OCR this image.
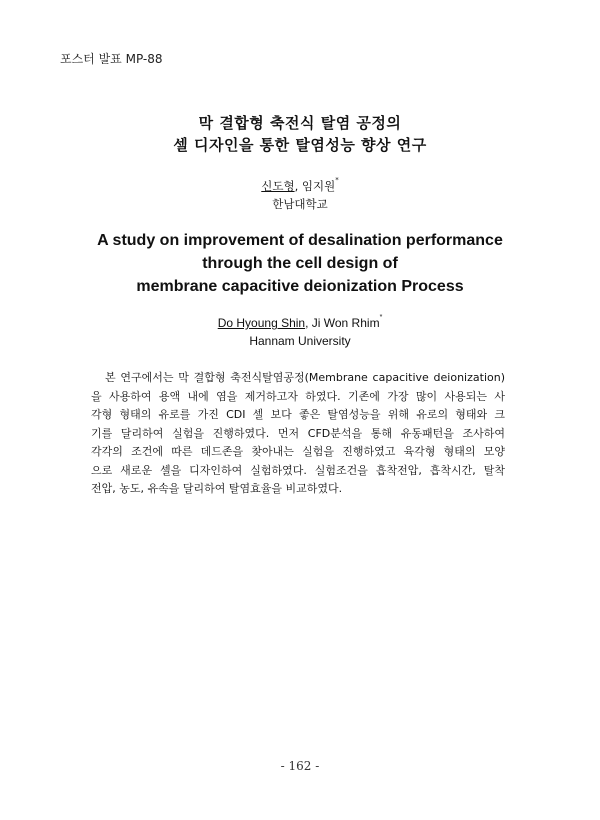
포스터 발표 MP-88
막 결합형 축전식 탈염 공정의
셀 디자인을 통한 탈염성능 향상 연구
신도형, 임지원*
한남대학교
A study on improvement of desalination performance
through the cell design of
membrane capacitive deionization Process
Do Hyoung Shin, Ji Won Rhim*
Hannam University
본 연구에서는 막 결합형 축전식탈염공정(Membrane capacitive deionization)
을 사용하여 용액 내에 염을 제거하고자 하였다. 기존에 가장 많이 사용되는 사
각형 형태의 유로를 가진 CDI 셀 보다 좋은 탈염성능을 위해 유로의 형태와 크
기를 달리하여 실험을 진행하였다. 먼저 CFD분석을 통해 유동패턴을 조사하여
각각의 조건에 따른 데드존을 찾아내는 실험을 진행하였고 육각형 형태의 모양
으로 새로운 셀을 디자인하여 실험하였다. 실험조건을 흡착전압, 흡착시간, 탈착
전압, 농도, 유속을 달리하여 탈염효율을 비교하였다.
- 162 -
